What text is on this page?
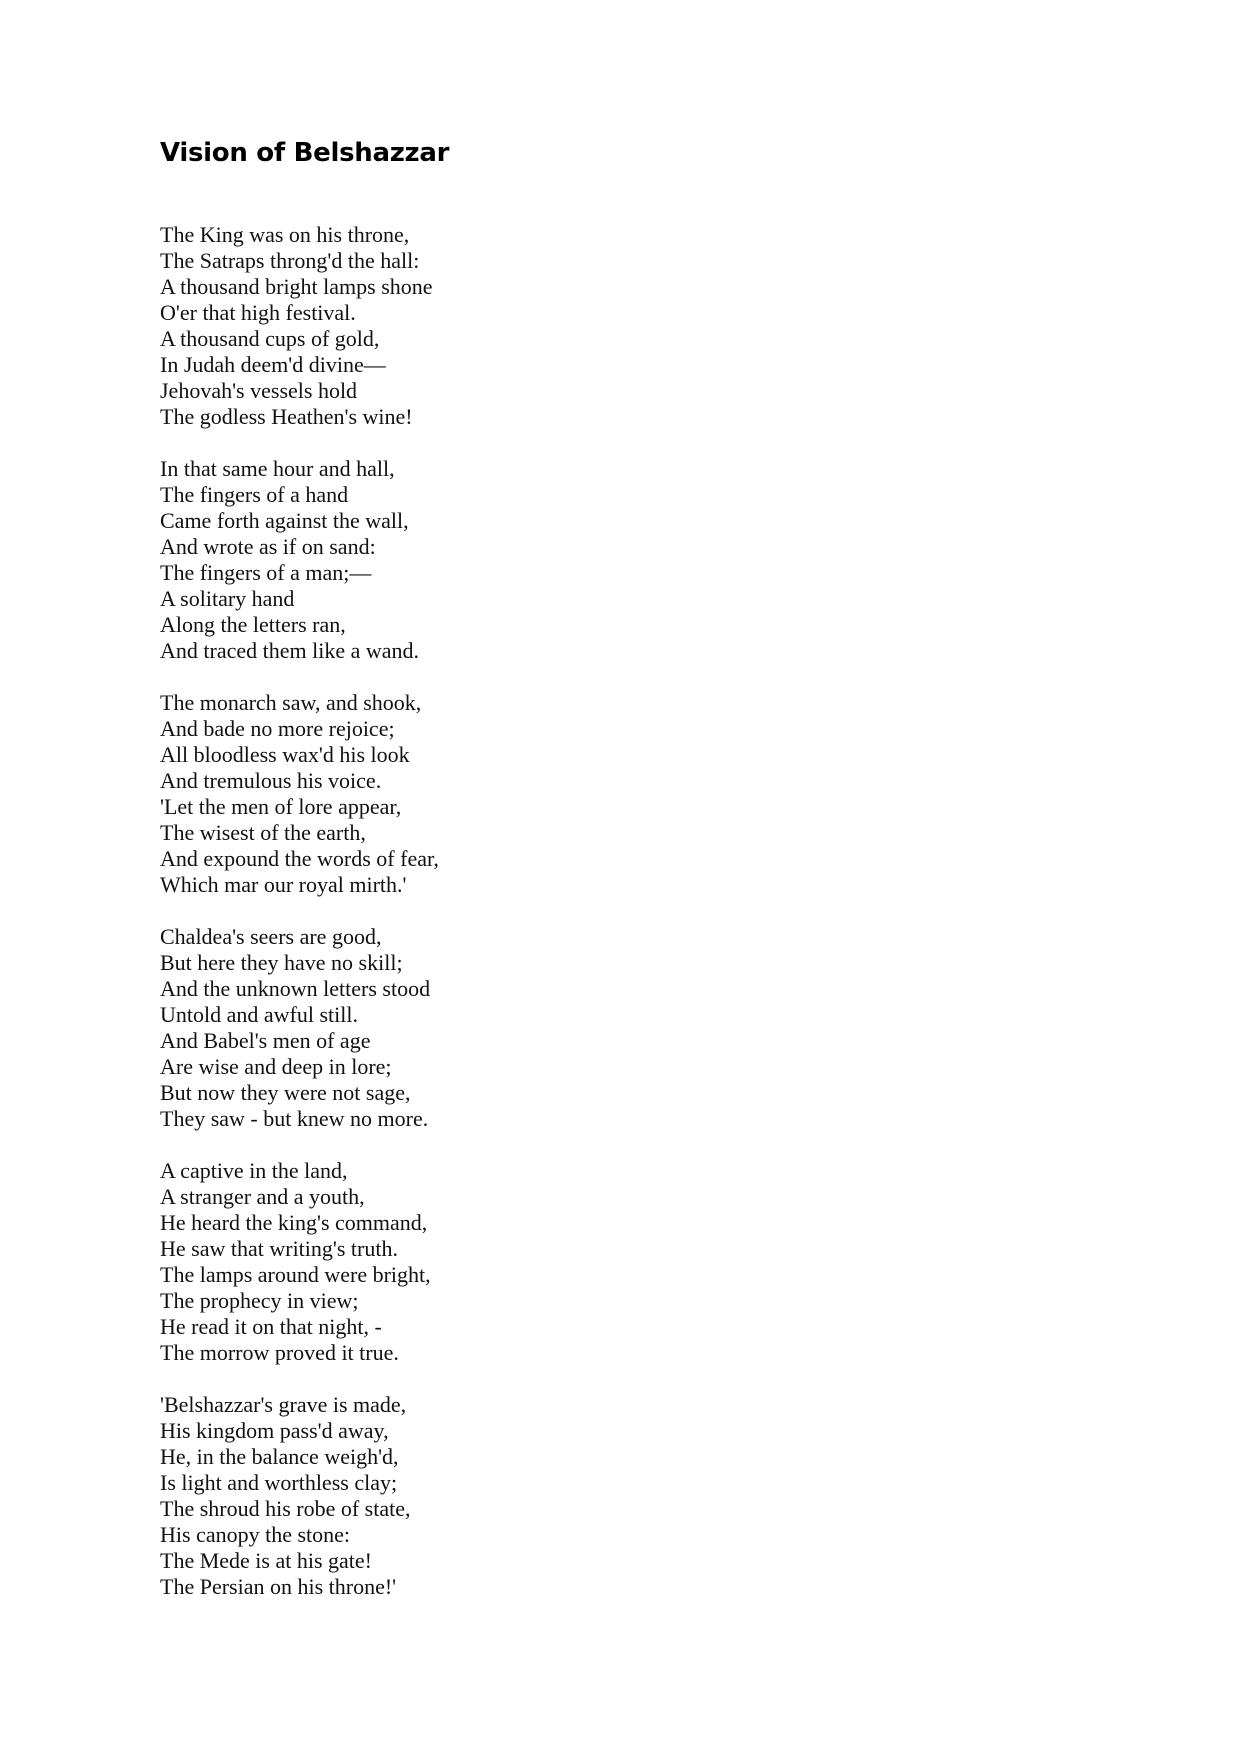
Vision of Belshazzar
The King was on his throne,
The Satraps throng'd the hall:
A thousand bright lamps shone
O'er that high festival.
A thousand cups of gold,
In Judah deem'd divine—
Jehovah's vessels hold
The godless Heathen's wine!
In that same hour and hall,
The fingers of a hand
Came forth against the wall,
And wrote as if on sand:
The fingers of a man;—
A solitary hand
Along the letters ran,
And traced them like a wand.
The monarch saw, and shook,
And bade no more rejoice;
All bloodless wax'd his look
And tremulous his voice.
'Let the men of lore appear,
The wisest of the earth,
And expound the words of fear,
Which mar our royal mirth.'
Chaldea's seers are good,
But here they have no skill;
And the unknown letters stood
Untold and awful still.
And Babel's men of age
Are wise and deep in lore;
But now they were not sage,
They saw - but knew no more.
A captive in the land,
A stranger and a youth,
He heard the king's command,
He saw that writing's truth.
The lamps around were bright,
The prophecy in view;
He read it on that night, -
The morrow proved it true.
'Belshazzar's grave is made,
His kingdom pass'd away,
He, in the balance weigh'd,
Is light and worthless clay;
The shroud his robe of state,
His canopy the stone:
The Mede is at his gate!
The Persian on his throne!'
